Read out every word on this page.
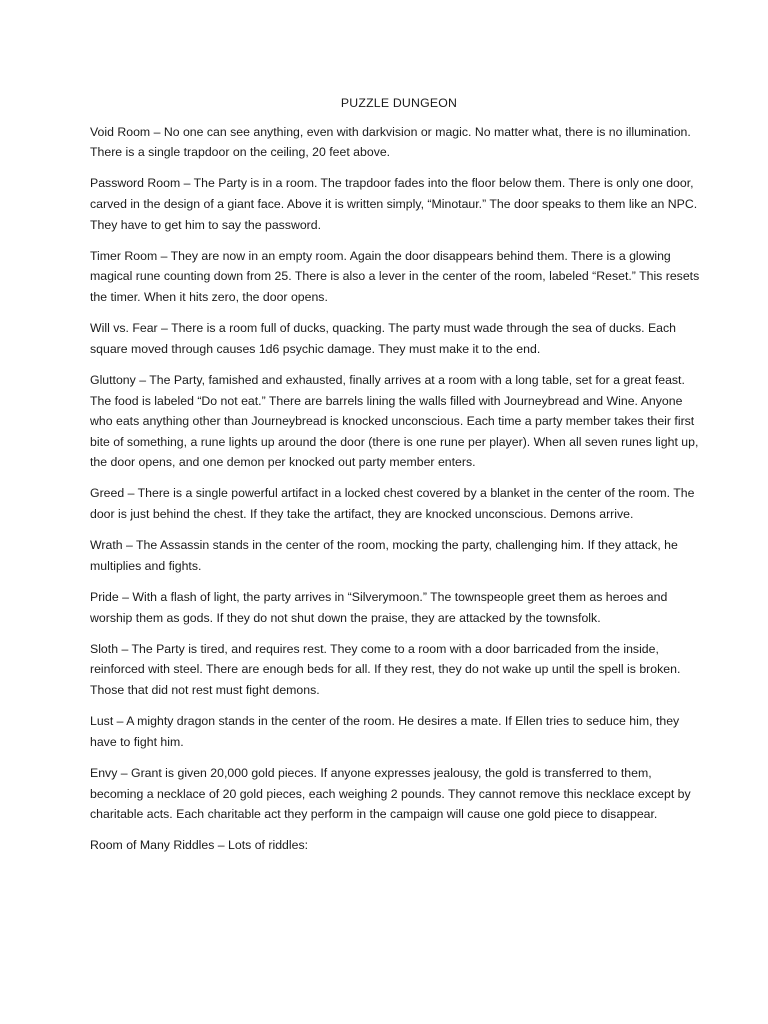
PUZZLE DUNGEON

Void Room – No one can see anything, even with darkvision or magic. No matter what, there is no illumination. There is a single trapdoor on the ceiling, 20 feet above.

Password Room – The Party is in a room. The trapdoor fades into the floor below them. There is only one door, carved in the design of a giant face. Above it is written simply, “Minotaur.” The door speaks to them like an NPC. They have to get him to say the password.

Timer Room – They are now in an empty room. Again the door disappears behind them. There is a glowing magical rune counting down from 25. There is also a lever in the center of the room, labeled “Reset.” This resets the timer. When it hits zero, the door opens.

Will vs. Fear – There is a room full of ducks, quacking. The party must wade through the sea of ducks. Each square moved through causes 1d6 psychic damage. They must make it to the end.

Gluttony – The Party, famished and exhausted, finally arrives at a room with a long table, set for a great feast. The food is labeled “Do not eat.” There are barrels lining the walls filled with Journeybread and Wine. Anyone who eats anything other than Journeybread is knocked unconscious. Each time a party member takes their first bite of something, a rune lights up around the door (there is one rune per player). When all seven runes light up, the door opens, and one demon per knocked out party member enters.

Greed – There is a single powerful artifact in a locked chest covered by a blanket in the center of the room. The door is just behind the chest. If they take the artifact, they are knocked unconscious. Demons arrive.

Wrath – The Assassin stands in the center of the room, mocking the party, challenging him. If they attack, he multiplies and fights.

Pride – With a flash of light, the party arrives in “Silverymoon.” The townspeople greet them as heroes and worship them as gods. If they do not shut down the praise, they are attacked by the townsfolk.

Sloth – The Party is tired, and requires rest. They come to a room with a door barricaded from the inside, reinforced with steel. There are enough beds for all. If they rest, they do not wake up until the spell is broken. Those that did not rest must fight demons.

Lust – A mighty dragon stands in the center of the room. He desires a mate. If Ellen tries to seduce him, they have to fight him.

Envy – Grant is given 20,000 gold pieces. If anyone expresses jealousy, the gold is transferred to them, becoming a necklace of 20 gold pieces, each weighing 2 pounds. They cannot remove this necklace except by charitable acts. Each charitable act they perform in the campaign will cause one gold piece to disappear.

Room of Many Riddles – Lots of riddles:
